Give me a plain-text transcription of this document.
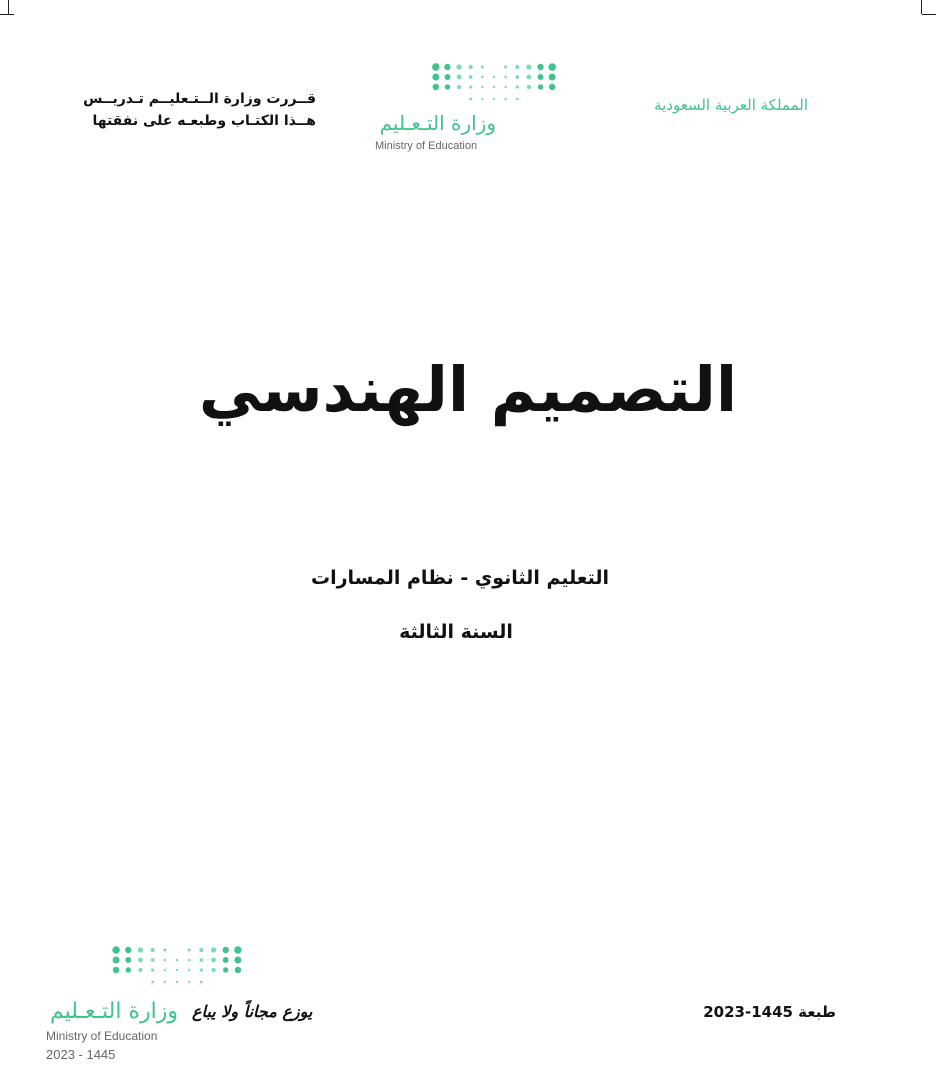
قــررت وزارة الــتـعليــم تـدريــس
هــذا الكتـاب وطبعـه على نفقتها	وزارة التـعـليم
Ministry of Education
المملكة العربية السعودية
التصميم الهندسي
التعليم الثانوي - نظام المسارات
السنة الثالثة
وزارة التـعـليم يوزع مجاناً ولا يباع
Ministry of Education
2023 - 1445
طبعة 1445-2023
